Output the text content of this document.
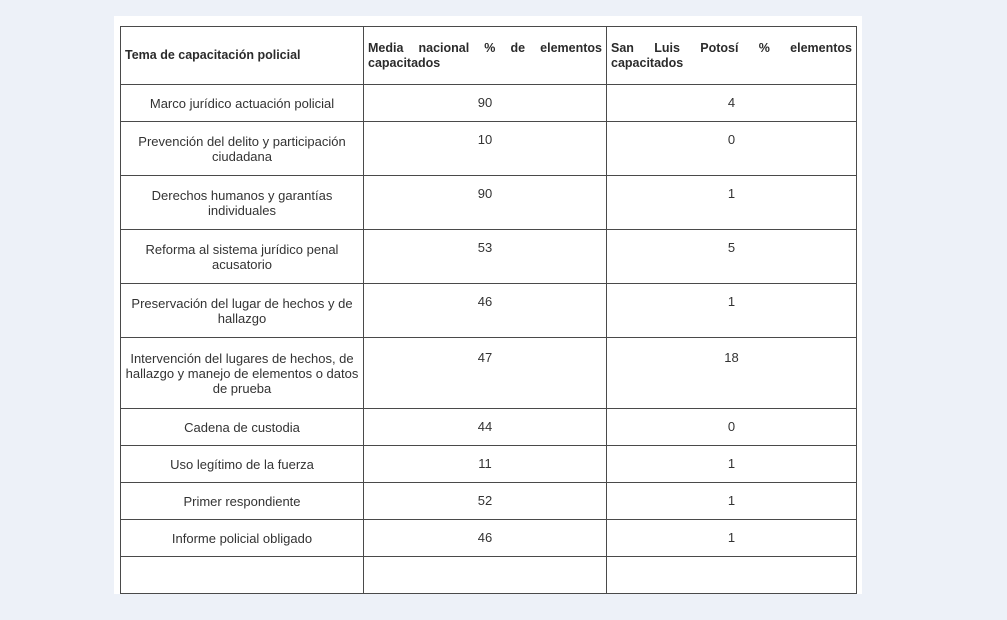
Tema de capacitación policial	Media nacional % de elementos capacitados	San Luis Potosí % elementos capacitados
Marco jurídico actuación policial	90	4
Prevención del delito y participación ciudadana	10	0
Derechos humanos y garantías individuales	90	1
Reforma al sistema jurídico penal acusatorio	53	5
Preservación del lugar de hechos y de hallazgo	46	1
Intervención del lugares de hechos, de hallazgo y manejo de elementos o datos de prueba	47	18
Cadena de custodia	44	0
Uso legítimo de la fuerza	11	1
Primer respondiente	52	1
Informe policial obligado	46	1
